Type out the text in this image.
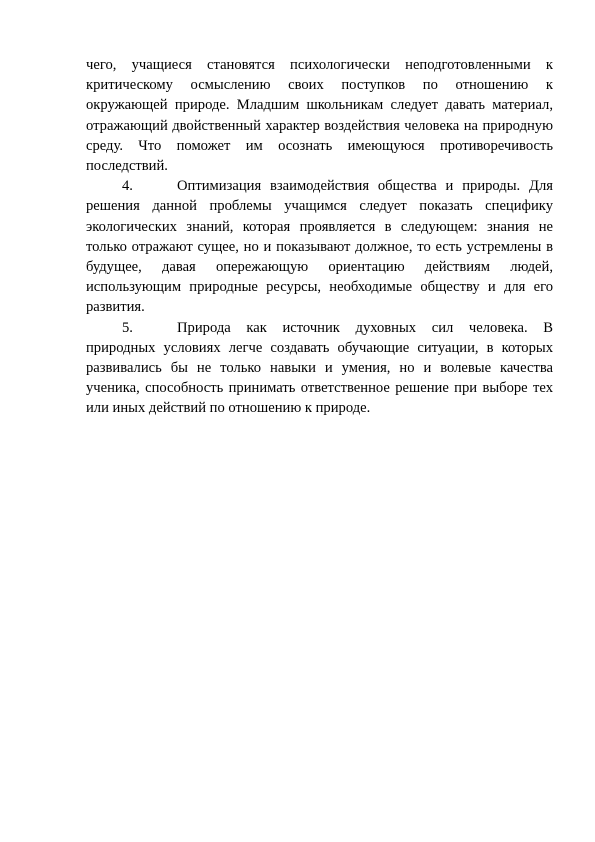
чего, учащиеся становятся психологически неподготовленными к критическому осмыслению своих поступков по отношению к окружающей природе. Младшим школьникам следует давать материал, отражающий двойственный характер воздействия человека на природную среду. Что поможет им осознать имеющуюся противоречивость последствий.

4.	Оптимизация взаимодействия общества и природы. Для решения данной проблемы учащимся следует показать специфику экологических знаний, которая проявляется в следующем: знания не только отражают сущее, но и показывают должное, то есть устремлены в будущее, давая опережающую ориентацию действиям людей, использующим природные ресурсы, необходимые обществу и для его развития.

5.	Природа как источник духовных сил человека. В природных условиях легче создавать обучающие ситуации, в которых развивались бы не только навыки и умения, но и волевые качества ученика, способность принимать ответственное решение при выборе тех или иных действий по отношению к природе.
